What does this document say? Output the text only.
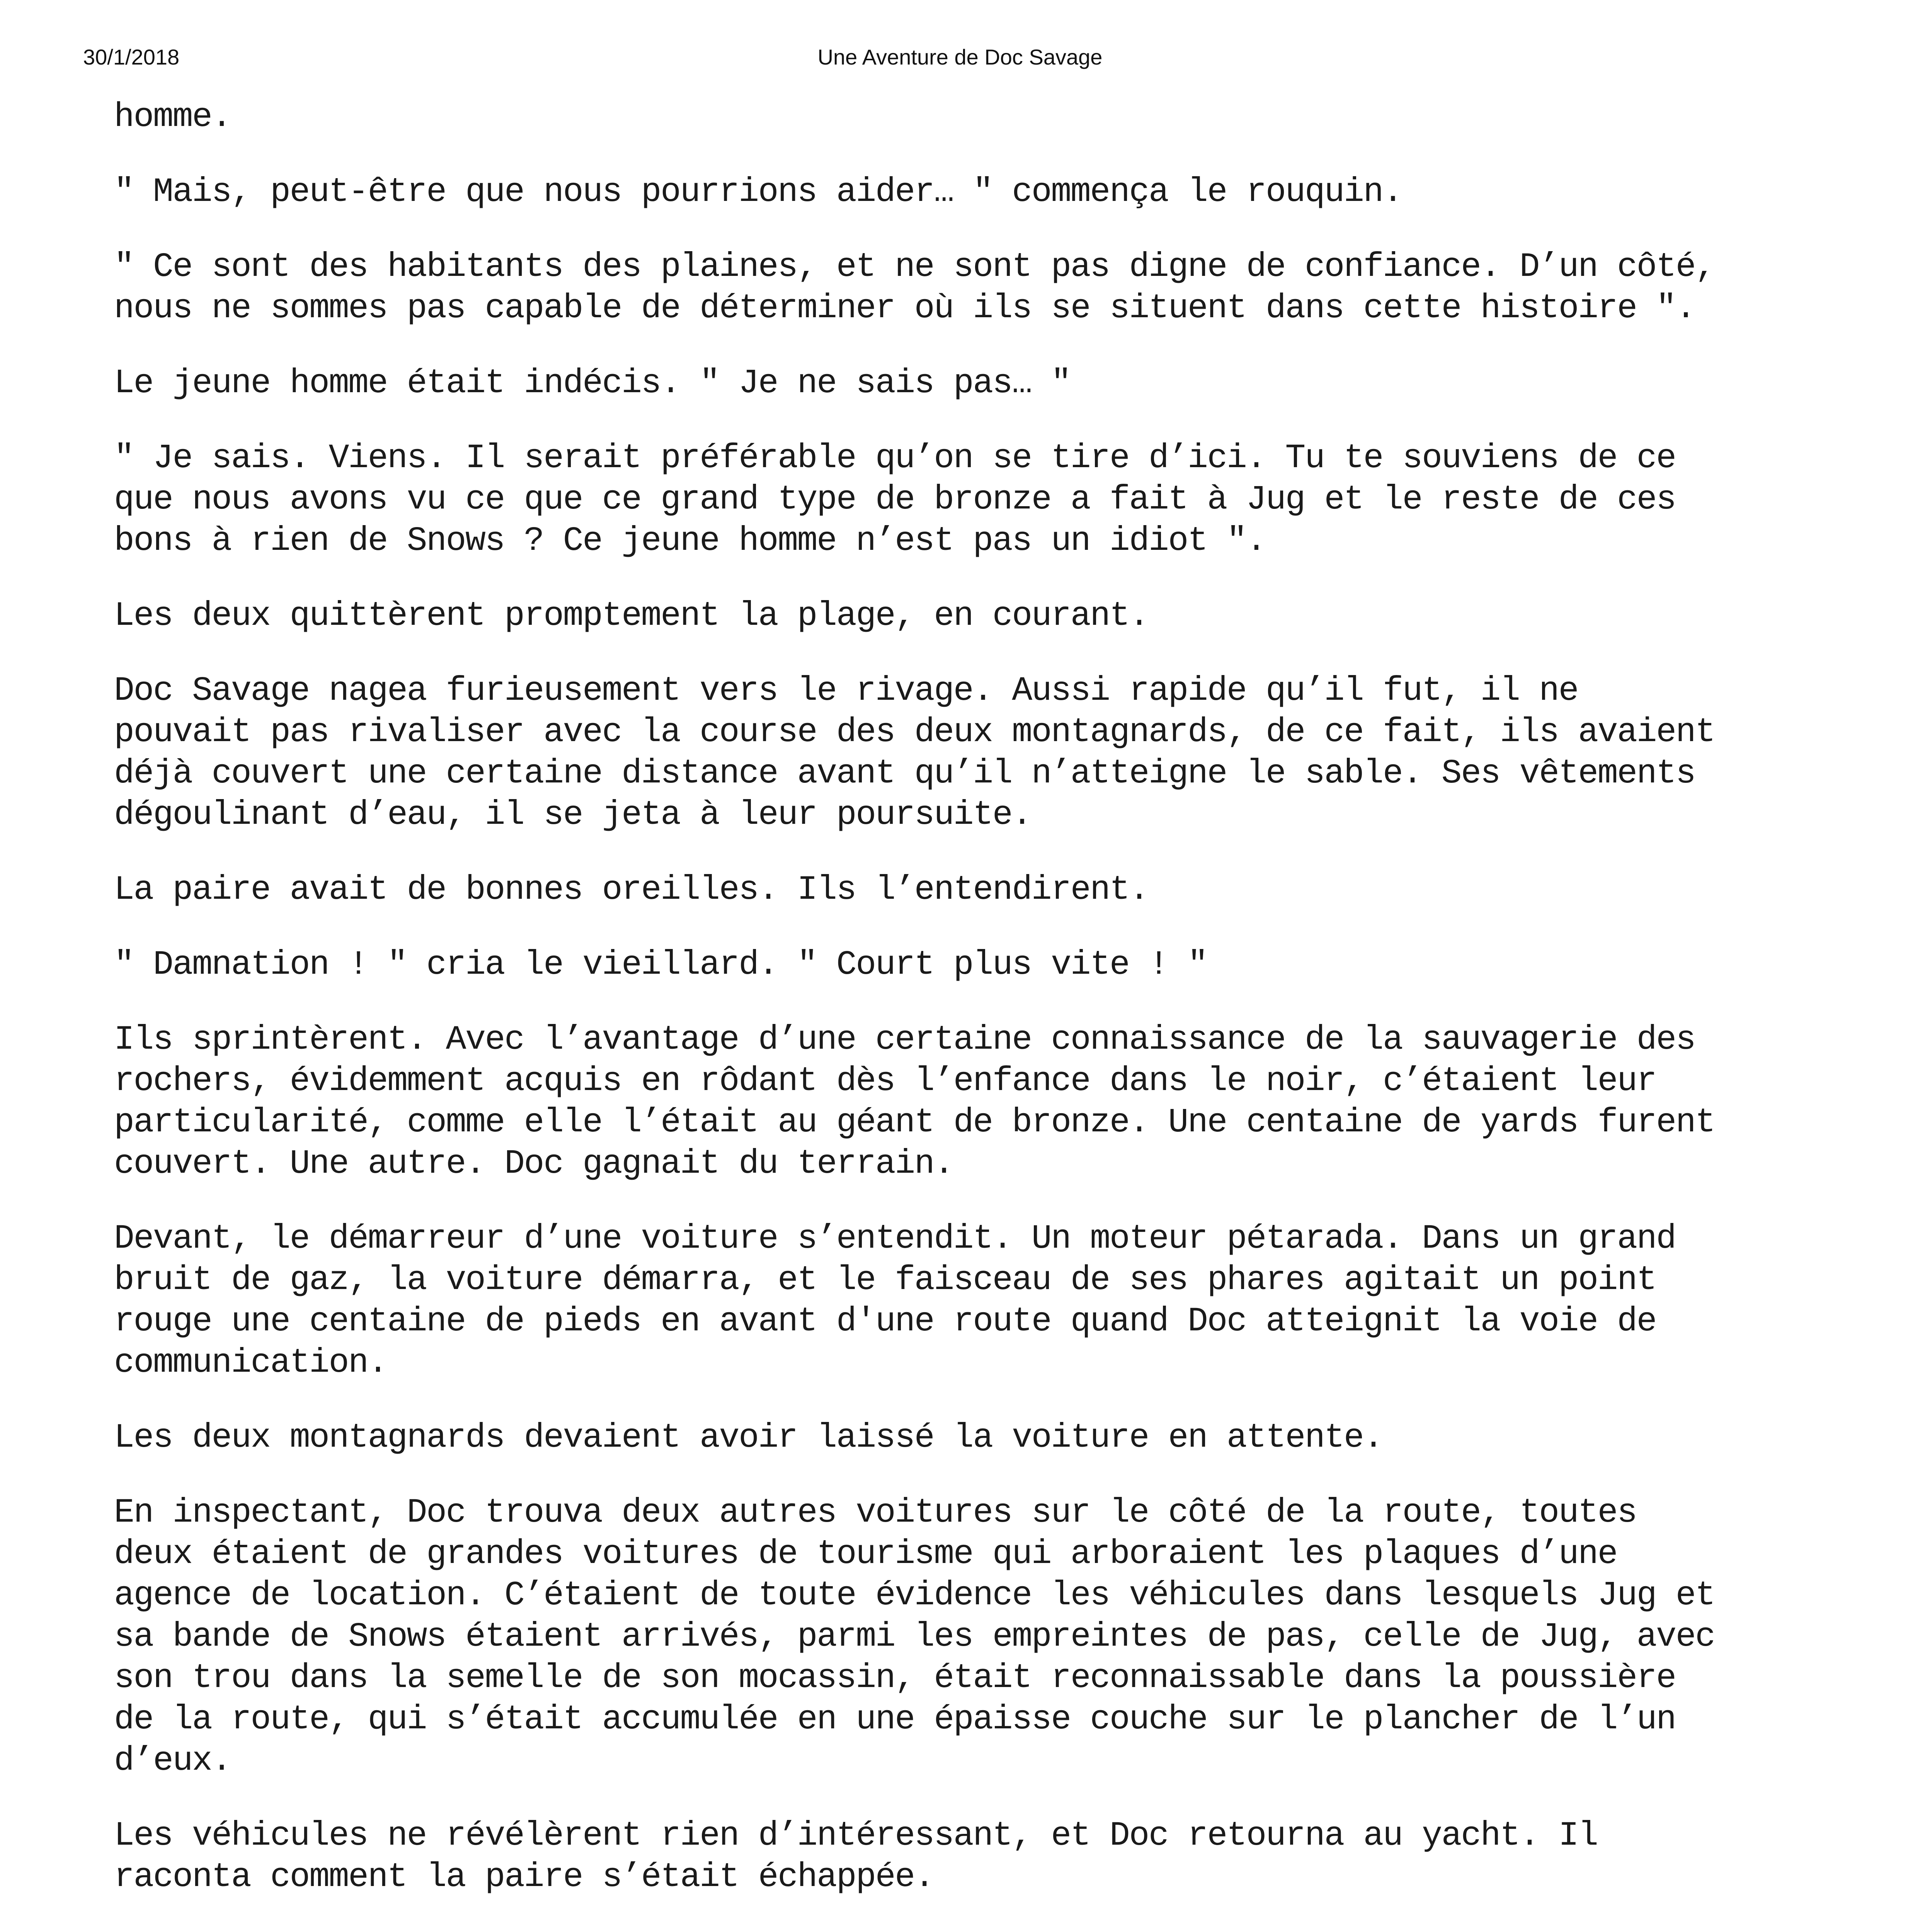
30/1/2018	Une Aventure de Doc Savage

homme.

" Mais, peut-être que nous pourrions aider… " commença le rouquin.

" Ce sont des habitants des plaines, et ne sont pas digne de confiance. D’un côté,
nous ne sommes pas capable de déterminer où ils se situent dans cette histoire ".

Le jeune homme était indécis. " Je ne sais pas… "

" Je sais. Viens. Il serait préférable qu’on se tire d’ici. Tu te souviens de ce
que nous avons vu ce que ce grand type de bronze a fait à Jug et le reste de ces
bons à rien de Snows ? Ce jeune homme n’est pas un idiot ".

Les deux quittèrent promptement la plage, en courant.

Doc Savage nagea furieusement vers le rivage. Aussi rapide qu’il fut, il ne
pouvait pas rivaliser avec la course des deux montagnards, de ce fait, ils avaient
déjà couvert une certaine distance avant qu’il n’atteigne le sable. Ses vêtements
dégoulinant d’eau, il se jeta à leur poursuite.

La paire avait de bonnes oreilles. Ils l’entendirent.

" Damnation ! " cria le vieillard. " Court plus vite ! "

Ils sprintèrent. Avec l’avantage d’une certaine connaissance de la sauvagerie des
rochers, évidemment acquis en rôdant dès l’enfance dans le noir, c’étaient leur
particularité, comme elle l’était au géant de bronze. Une centaine de yards furent
couvert. Une autre. Doc gagnait du terrain.

Devant, le démarreur d’une voiture s’entendit. Un moteur pétarada. Dans un grand
bruit de gaz, la voiture démarra, et le faisceau de ses phares agitait un point
rouge une centaine de pieds en avant d'une route quand Doc atteignit la voie de
communication.

Les deux montagnards devaient avoir laissé la voiture en attente.

En inspectant, Doc trouva deux autres voitures sur le côté de la route, toutes
deux étaient de grandes voitures de tourisme qui arboraient les plaques d’une
agence de location. C’étaient de toute évidence les véhicules dans lesquels Jug et
sa bande de Snows étaient arrivés, parmi les empreintes de pas, celle de Jug, avec
son trou dans la semelle de son mocassin, était reconnaissable dans la poussière
de la route, qui s’était accumulée en une épaisse couche sur le plancher de l’un
d’eux.

Les véhicules ne révélèrent rien d’intéressant, et Doc retourna au yacht. Il
raconta comment la paire s’était échappée.
